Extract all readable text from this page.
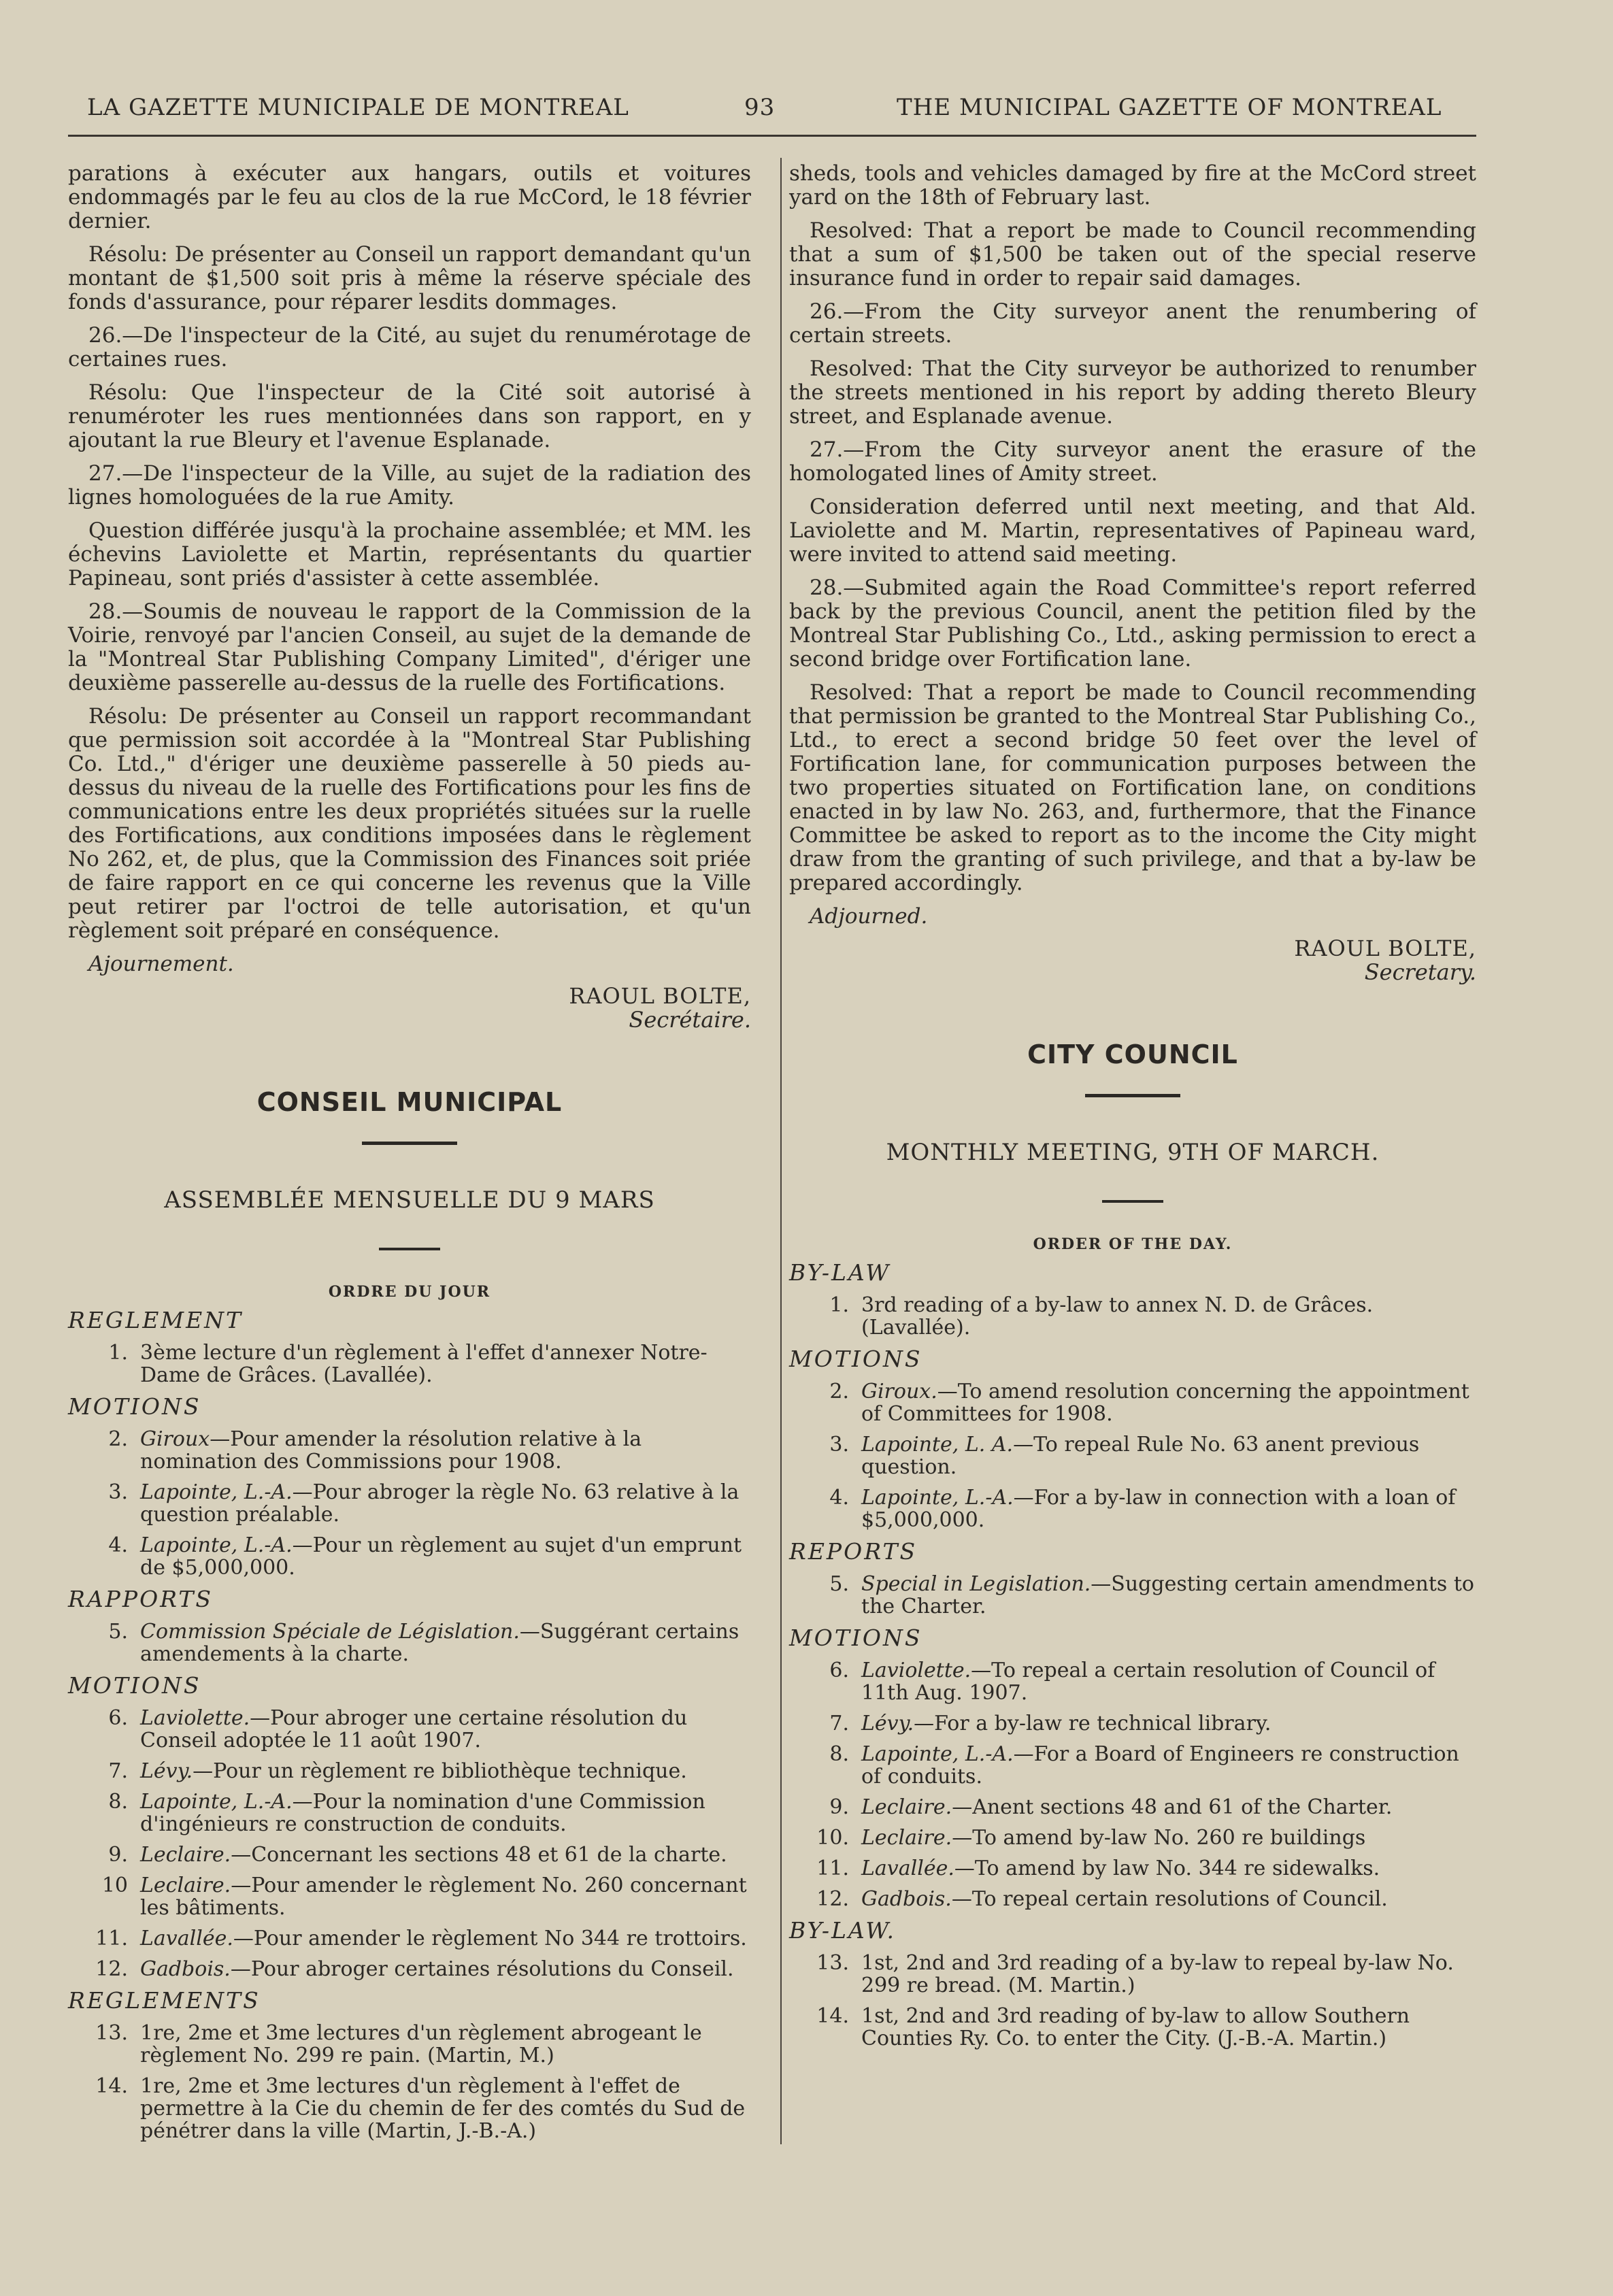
LA GAZETTE MUNICIPALE DE MONTREAL	93	THE MUNICIPAL GAZETTE OF MONTREAL

parations à exécuter aux hangars, outils et voitures endommagés par le feu au clos de la rue McCord, le 18 février dernier.

Résolu: De présenter au Conseil un rapport demandant qu'un montant de $1,500 soit pris à même la réserve spéciale des fonds d'assurance, pour réparer lesdits dommages.

26.—De l'inspecteur de la Cité, au sujet du renumérotage de certaines rues.

Résolu: Que l'inspecteur de la Cité soit autorisé à renuméroter les rues mentionnées dans son rapport, en y ajoutant la rue Bleury et l'avenue Esplanade.

27.—De l'inspecteur de la Ville, au sujet de la radiation des lignes homologuées de la rue Amity.

Question différée jusqu'à la prochaine assemblée; et MM. les échevins Laviolette et Martin, représentants du quartier Papineau, sont priés d'assister à cette assemblée.

28.—Soumis de nouveau le rapport de la Commission de la Voirie, renvoyé par l'ancien Conseil, au sujet de la demande de la "Montreal Star Publishing Company Limited", d'ériger une deuxième passerelle au-dessus de la ruelle des Fortifications.

Résolu: De présenter au Conseil un rapport recommandant que permission soit accordée à la "Montreal Star Publishing Co. Ltd.," d'ériger une deuxième passerelle à 50 pieds au-dessus du niveau de la ruelle des Fortifications pour les fins de communications entre les deux propriétés situées sur la ruelle des Fortifications, aux conditions imposées dans le règlement No 262, et, de plus, que la Commission des Finances soit priée de faire rapport en ce qui concerne les revenus que la Ville peut retirer par l'octroi de telle autorisation, et qu'un règlement soit préparé en conséquence.

Ajournement.

RAOUL BOLTE,

Secrétaire.

CONSEIL MUNICIPAL
ASSEMBLÉE MENSUELLE DU 9 MARS
ORDRE DU JOUR
REGLEMENT
1. 3ème lecture d'un règlement à l'effet d'annexer Notre-Dame de Grâces. (Lavallée).
MOTIONS
2. Giroux—Pour amender la résolution relative à la nomination des Commissions pour 1908.
3. Lapointe, L.-A.—Pour abroger la règle No. 63 relative à la question préalable.
4. Lapointe, L.-A.—Pour un règlement au sujet d'un emprunt de $5,000,000.
RAPPORTS
5. Commission Spéciale de Législation.—Suggérant certains amendements à la charte.
MOTIONS
6. Laviolette.—Pour abroger une certaine résolution du Conseil adoptée le 11 août 1907.
7. Lévy.—Pour un règlement re bibliothèque technique.
8. Lapointe, L.-A.—Pour la nomination d'une Commission d'ingénieurs re construction de conduits.
9. Leclaire.—Concernant les sections 48 et 61 de la charte.
10 Leclaire.—Pour amender le règlement No. 260 concernant les bâtiments.
11. Lavallée.—Pour amender le règlement No 344 re trottoirs.
12. Gadbois.—Pour abroger certaines résolutions du Conseil.
REGLEMENTS
13. 1re, 2me et 3me lectures d'un règlement abrogeant le règlement No. 299 re pain. (Martin, M.)
14. 1re, 2me et 3me lectures d'un règlement à l'effet de permettre à la Cie du chemin de fer des comtés du Sud de pénétrer dans la ville (Martin, J.-B.-A.)

sheds, tools and vehicles damaged by fire at the McCord street yard on the 18th of February last.

Resolved: That a report be made to Council recommending that a sum of $1,500 be taken out of the special reserve insurance fund in order to repair said damages.

26.—From the City surveyor anent the renumbering of certain streets.

Resolved: That the City surveyor be authorized to renumber the streets mentioned in his report by adding thereto Bleury street, and Esplanade avenue.

27.—From the City surveyor anent the erasure of the homologated lines of Amity street.

Consideration deferred until next meeting, and that Ald. Laviolette and M. Martin, representatives of Papineau ward, were invited to attend said meeting.

28.—Submited again the Road Committee's report referred back by the previous Council, anent the petition filed by the Montreal Star Publishing Co., Ltd., asking permission to erect a second bridge over Fortification lane.

Resolved: That a report be made to Council recommending that permission be granted to the Montreal Star Publishing Co., Ltd., to erect a second bridge 50 feet over the level of Fortification lane, for communication purposes between the two properties situated on Fortification lane, on conditions enacted in by law No. 263, and, furthermore, that the Finance Committee be asked to report as to the income the City might draw from the granting of such privilege, and that a by-law be prepared accordingly.

Adjourned.

RAOUL BOLTE,

Secretary.

CITY COUNCIL
MONTHLY MEETING, 9TH OF MARCH.
ORDER OF THE DAY.
BY-LAW
1. 3rd reading of a by-law to annex N. D. de Grâces. (Lavallée).
MOTIONS
2. Giroux.—To amend resolution concerning the appointment of Committees for 1908.
3. Lapointe, L. A.—To repeal Rule No. 63 anent previous question.
4. Lapointe, L.-A.—For a by-law in connection with a loan of $5,000,000.
REPORTS
5. Special in Legislation.—Suggesting certain amendments to the Charter.
MOTIONS
6. Laviolette.—To repeal a certain resolution of Council of 11th Aug. 1907.
7. Lévy.—For a by-law re technical library.
8. Lapointe, L.-A.—For a Board of Engineers re construction of conduits.
9. Leclaire.—Anent sections 48 and 61 of the Charter.
10. Leclaire.—To amend by-law No. 260 re buildings
11. Lavallée.—To amend by law No. 344 re sidewalks.
12. Gadbois.—To repeal certain resolutions of Council.
BY-LAW.
13. 1st, 2nd and 3rd reading of a by-law to repeal by-law No. 299 re bread. (M. Martin.)
14. 1st, 2nd and 3rd reading of by-law to allow Southern Counties Ry. Co. to enter the City. (J.-B.-A. Martin.)
